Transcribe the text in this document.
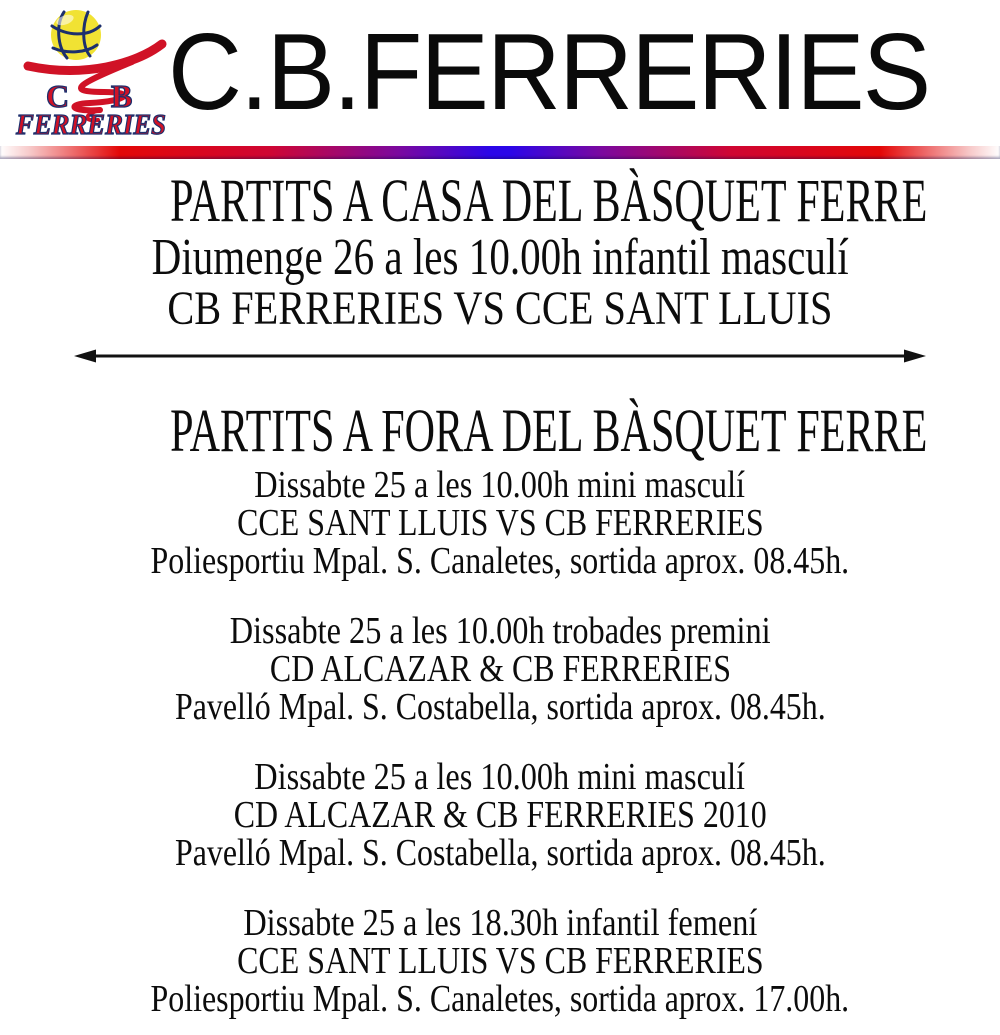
C B
FERRERIES C.B.FERRERIES
PARTITS A CASA DEL BÀSQUET FERRE
Diumenge 26 a les 10.00h infantil masculí
CB FERRERIES VS CCE SANT LLUIS
PARTITS A FORA DEL BÀSQUET FERRE
Dissabte 25 a les 10.00h mini masculí
CCE SANT LLUIS VS CB FERRERIES
Poliesportiu Mpal. S. Canaletes, sortida aprox. 08.45h.
Dissabte 25 a les 10.00h trobades premini
CD ALCAZAR & CB FERRERIES
Pavelló Mpal. S. Costabella, sortida aprox. 08.45h.
Dissabte 25 a les 10.00h mini masculí
CD ALCAZAR & CB FERRERIES 2010
Pavelló Mpal. S. Costabella, sortida aprox. 08.45h.
Dissabte 25 a les 18.30h infantil femení
CCE SANT LLUIS VS CB FERRERIES
Poliesportiu Mpal. S. Canaletes, sortida aprox. 17.00h.
